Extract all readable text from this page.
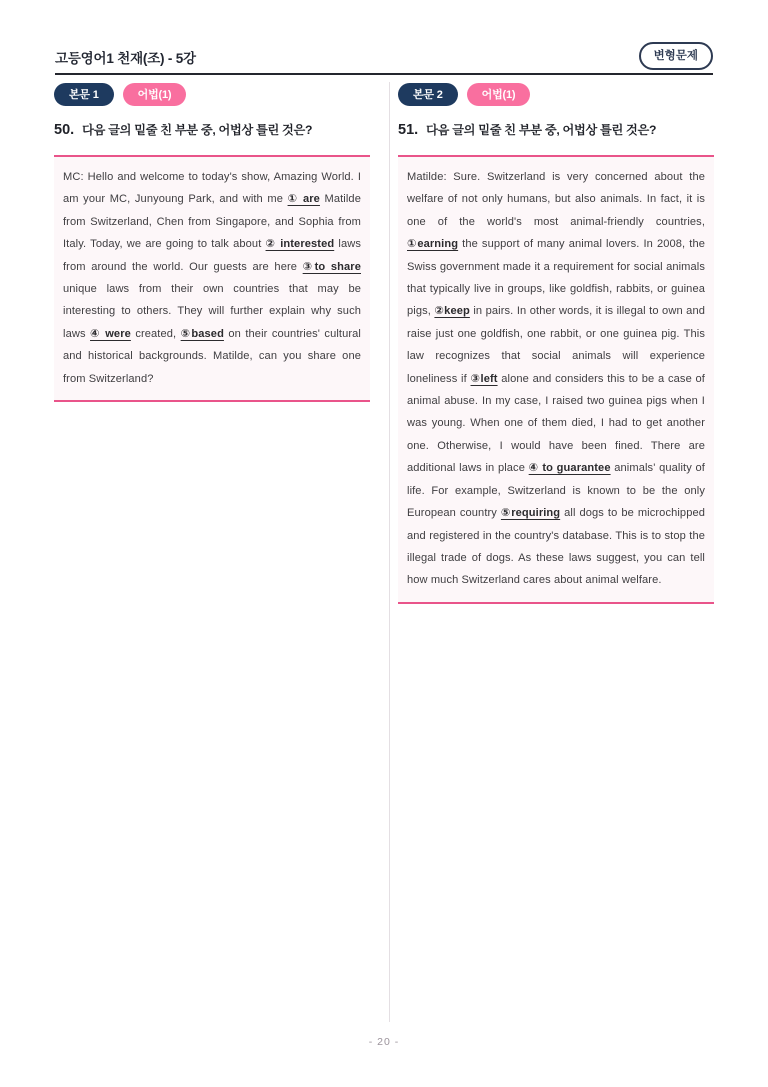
고등영어1 천재(조) - 5강	변형문제
본문 1	어법(1)
50. 다음 글의 밑줄 친 부분 중, 어법상 틀린 것은?
MC: Hello and welcome to today's show, Amazing World. I am your MC, Junyoung Park, and with me ① are Matilde from Switzerland, Chen from Singapore, and Sophia from Italy. Today, we are going to talk about ② interested laws from around the world. Our guests are here ③to share unique laws from their own countries that may be interesting to others. They will further explain why such laws ④ were created, ⑤based on their countries' cultural and historical backgrounds. Matilde, can you share one from Switzerland?
본문 2	어법(1)
51. 다음 글의 밑줄 친 부분 중, 어법상 틀린 것은?
Matilde: Sure. Switzerland is very concerned about the welfare of not only humans, but also animals. In fact, it is one of the world's most animal-friendly countries, ①earning the support of many animal lovers. In 2008, the Swiss government made it a requirement for social animals that typically live in groups, like goldfish, rabbits, or guinea pigs, ②keep in pairs. In other words, it is illegal to own and raise just one goldfish, one rabbit, or one guinea pig. This law recognizes that social animals will experience loneliness if ③left alone and considers this to be a case of animal abuse. In my case, I raised two guinea pigs when I was young. When one of them died, I had to get another one. Otherwise, I would have been fined. There are additional laws in place ④ to guarantee animals' quality of life. For example, Switzerland is known to be the only European country ⑤requiring all dogs to be microchipped and registered in the country's database. This is to stop the illegal trade of dogs. As these laws suggest, you can tell how much Switzerland cares about animal welfare.
- 20 -
